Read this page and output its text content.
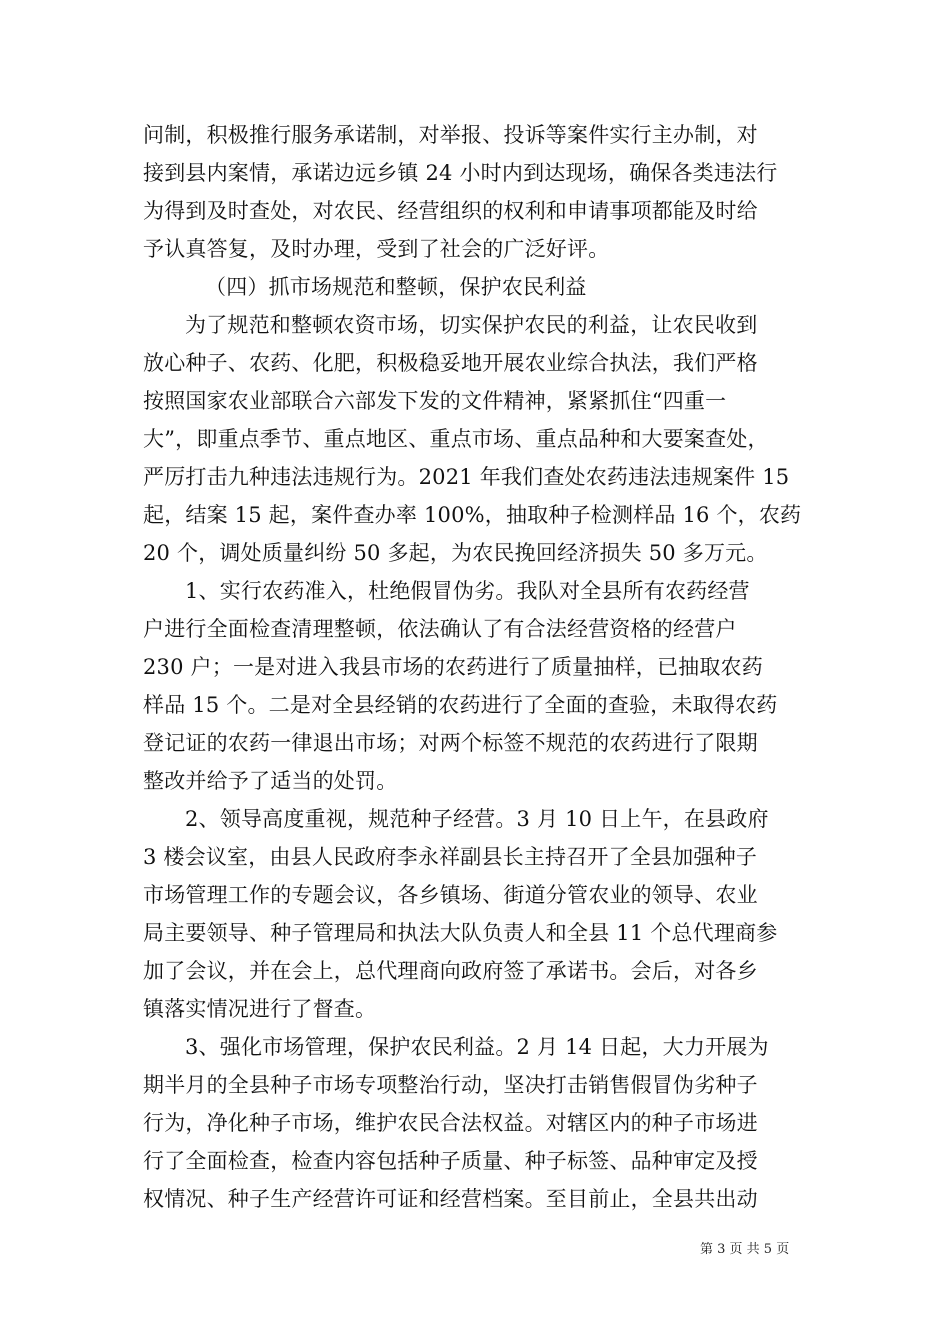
问制，积极推行服务承诺制，对举报、投诉等案件实行主办制，对
接到县内案情，承诺边远乡镇 24 小时内到达现场，确保各类违法行
为得到及时查处，对农民、经营组织的权利和申请事项都能及时给
予认真答复，及时办理，受到了社会的广泛好评。
（四）抓市场规范和整顿，保护农民利益
为了规范和整顿农资市场，切实保护农民的利益，让农民收到
放心种子、农药、化肥，积极稳妥地开展农业综合执法，我们严格
按照国家农业部联合六部发下发的文件精神，紧紧抓住“四重一
大”，即重点季节、重点地区、重点市场、重点品种和大要案查处，
严厉打击九种违法违规行为。2021 年我们查处农药违法违规案件 15
起，结案 15 起，案件查办率 100%，抽取种子检测样品 16 个，农药
20 个，调处质量纠纷 50 多起，为农民挽回经济损失 50 多万元。
1、实行农药准入，杜绝假冒伪劣。我队对全县所有农药经营
户进行全面检查清理整顿，依法确认了有合法经营资格的经营户
230 户；一是对进入我县市场的农药进行了质量抽样，已抽取农药
样品 15 个。二是对全县经销的农药进行了全面的查验，未取得农药
登记证的农药一律退出市场；对两个标签不规范的农药进行了限期
整改并给予了适当的处罚。
2、领导高度重视，规范种子经营。3 月 10 日上午，在县政府
3 楼会议室，由县人民政府李永祥副县长主持召开了全县加强种子
市场管理工作的专题会议，各乡镇场、街道分管农业的领导、农业
局主要领导、种子管理局和执法大队负责人和全县 11 个总代理商参
加了会议，并在会上，总代理商向政府签了承诺书。会后，对各乡
镇落实情况进行了督查。
3、强化市场管理，保护农民利益。2 月 14 日起，大力开展为
期半月的全县种子市场专项整治行动，坚决打击销售假冒伪劣种子
行为，净化种子市场，维护农民合法权益。对辖区内的种子市场进
行了全面检查，检查内容包括种子质量、种子标签、品种审定及授
权情况、种子生产经营许可证和经营档案。至目前止，全县共出动
第 3 页 共 5 页
